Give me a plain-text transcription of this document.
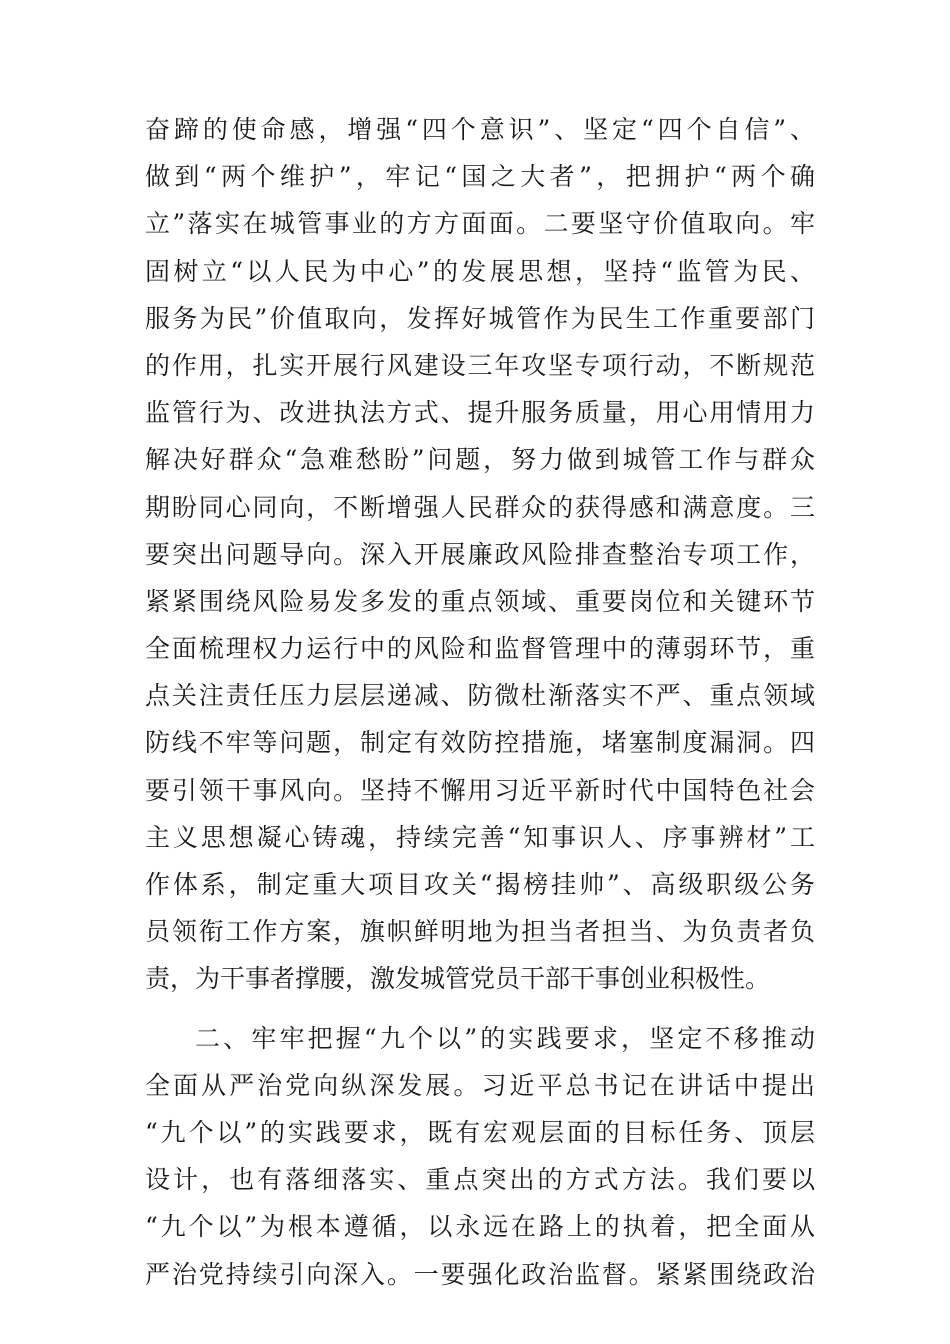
奋蹄的使命感，增强“四个意识”、坚定“四个自信”、
做到“两个维护”，牢记“国之大者”，把拥护“两个确
立”落实在城管事业的方方面面。二要坚守价值取向。牢
固树立“以人民为中心”的发展思想，坚持“监管为民、
服务为民”价值取向，发挥好城管作为民生工作重要部门
的作用，扎实开展行风建设三年攻坚专项行动，不断规范
监管行为、改进执法方式、提升服务质量，用心用情用力
解决好群众“急难愁盼”问题，努力做到城管工作与群众
期盼同心同向，不断增强人民群众的获得感和满意度。三
要突出问题导向。深入开展廉政风险排查整治专项工作，
紧紧围绕风险易发多发的重点领域、重要岗位和关键环节
全面梳理权力运行中的风险和监督管理中的薄弱环节，重
点关注责任压力层层递减、防微杜渐落实不严、重点领域
防线不牢等问题，制定有效防控措施，堵塞制度漏洞。四
要引领干事风向。坚持不懈用习近平新时代中国特色社会
主义思想凝心铸魂，持续完善“知事识人、序事辨材”工
作体系，制定重大项目攻关“揭榜挂帅”、高级职级公务
员领衔工作方案，旗帜鲜明地为担当者担当、为负责者负
责，为干事者撑腰，激发城管党员干部干事创业积极性。
二、牢牢把握“九个以”的实践要求，坚定不移推动
全面从严治党向纵深发展。习近平总书记在讲话中提出
“九个以”的实践要求，既有宏观层面的目标任务、顶层
设计，也有落细落实、重点突出的方式方法。我们要以
“九个以”为根本遵循，以永远在路上的执着，把全面从
严治党持续引向深入。一要强化政治监督。紧紧围绕政治
